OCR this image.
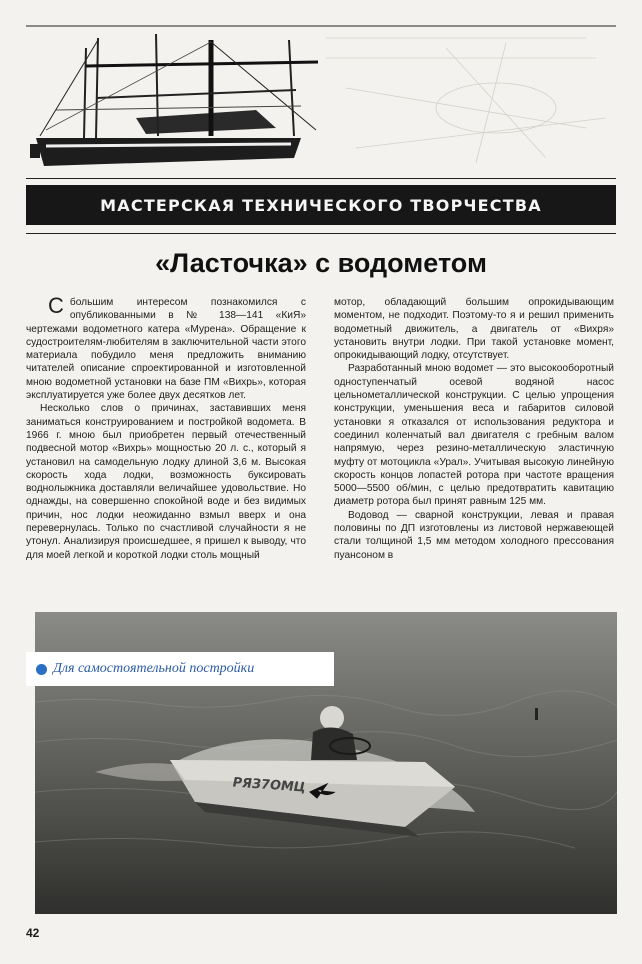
МАСТЕРСКАЯ ТЕХНИЧЕСКОГО ТВОРЧЕСТВА
«Ласточка» с водометом

Сбольшим интересом познакомился с опубликованными в № 138—141 «КиЯ» чертежами водометного катера «Мурена». Обращение к судостроителям-любителям в заключительной части этого материала побудило меня предложить вниманию читателей описание спроектированной и изготовленной мною водометной установки на базе ПМ «Вихрь», которая эксплуатируется уже более двух десятков лет.

Несколько слов о причинах, заставивших меня заниматься конструированием и постройкой водомета. В 1966 г. мною был приобретен первый отечественный подвесной мотор «Вихрь» мощностью 20 л. с., который я установил на самодельную лодку длиной 3,6 м. Высокая скорость хода лодки, возможность буксировать воднолыжника доставляли величайшее удовольствие. Но однажды, на совершенно спокойной воде и без видимых причин, нос лодки неожиданно взмыл вверх и она перевернулась. Только по счастливой случайности я не утонул. Анализируя происшедшее, я пришел к выводу, что для моей легкой и короткой лодки столь мощный

мотор, обладающий большим опрокидывающим моментом, не подходит. Поэтому-то я и решил применить водометный движитель, а двигатель от «Вихря» установить внутри лодки. При такой установке момент, опрокидывающий лодку, отсутствует.

Разработанный мною водомет — это высокооборотный одноступенчатый осевой водяной насос цельнометаллической конструкции. С целью упрощения конструкции, уменьшения веса и габаритов силовой установки я отказался от использования редуктора и соединил коленчатый вал двигателя с гребным валом напрямую, через резино-металлическую эластичную муфту от мотоцикла «Урал». Учитывая высокую линейную скорость концов лопастей ротора при частоте вращения 5000—5500 об/мин, с целью предотвратить кавитацию диаметр ротора был принят равным 125 мм.

Водовод — сварной конструкции, левая и правая половины по ДП изготовлены из листовой нержавеющей стали толщиной 1,5 мм методом холодного прессования пуансоном в

РЯЗ7ОМЦ
Для самостоятельной постройки
42
